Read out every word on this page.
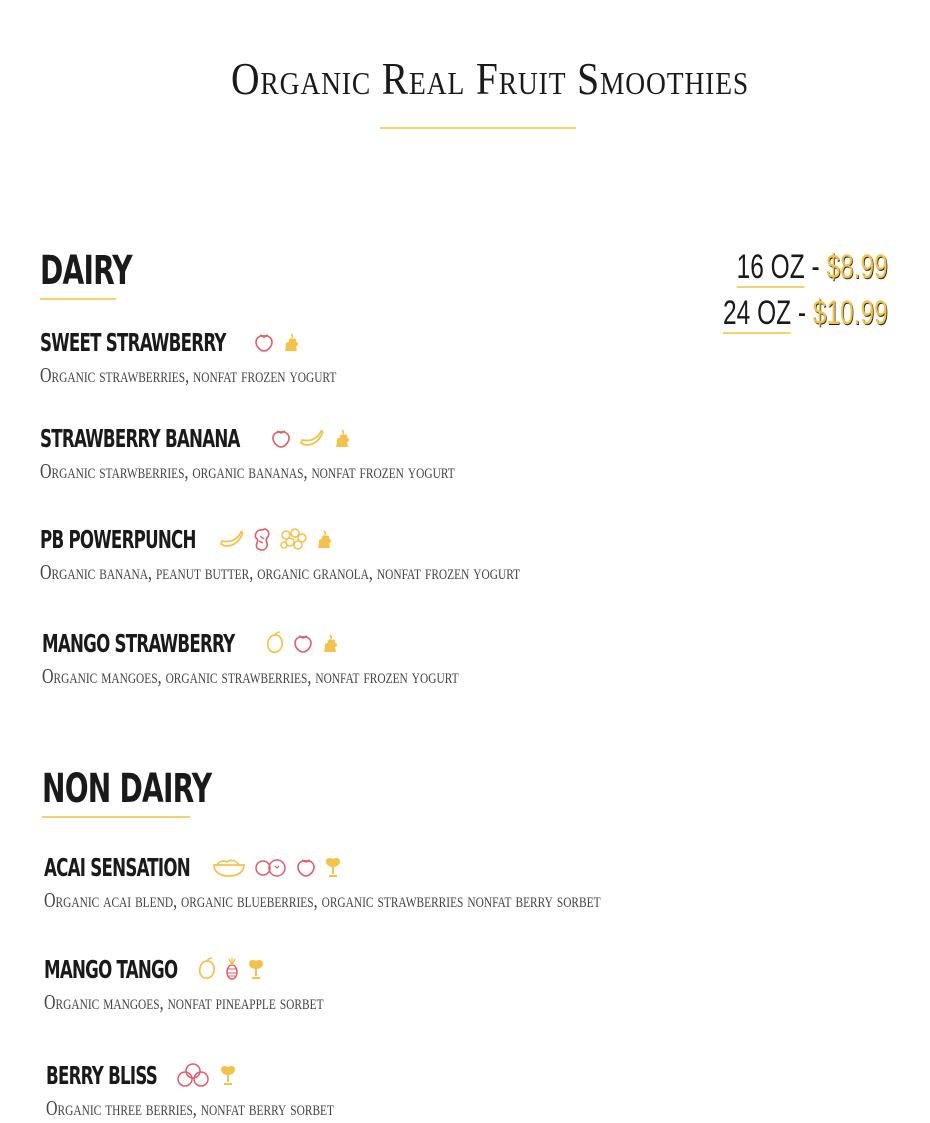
Organic Real Fruit Smoothies
16 OZ - $8.99
24 OZ - $10.99
DAIRY
SWEET STRAWBERRY
Organic strawberries, nonfat frozen yogurt
STRAWBERRY BANANA
Organic starwberries, organic bananas, nonfat frozen yogurt
PB POWERPUNCH
Organic banana, peanut butter, organic granola, nonfat frozen yogurt
MANGO STRAWBERRY
Organic mangoes, organic strawberries, nonfat frozen yogurt
NON DAIRY
ACAI SENSATION
Organic acai blend, organic blueberries, organic strawberries nonfat berry sorbet
MANGO TANGO
Organic mangoes, nonfat pineapple sorbet
BERRY BLISS
Organic three berries, nonfat berry sorbet
